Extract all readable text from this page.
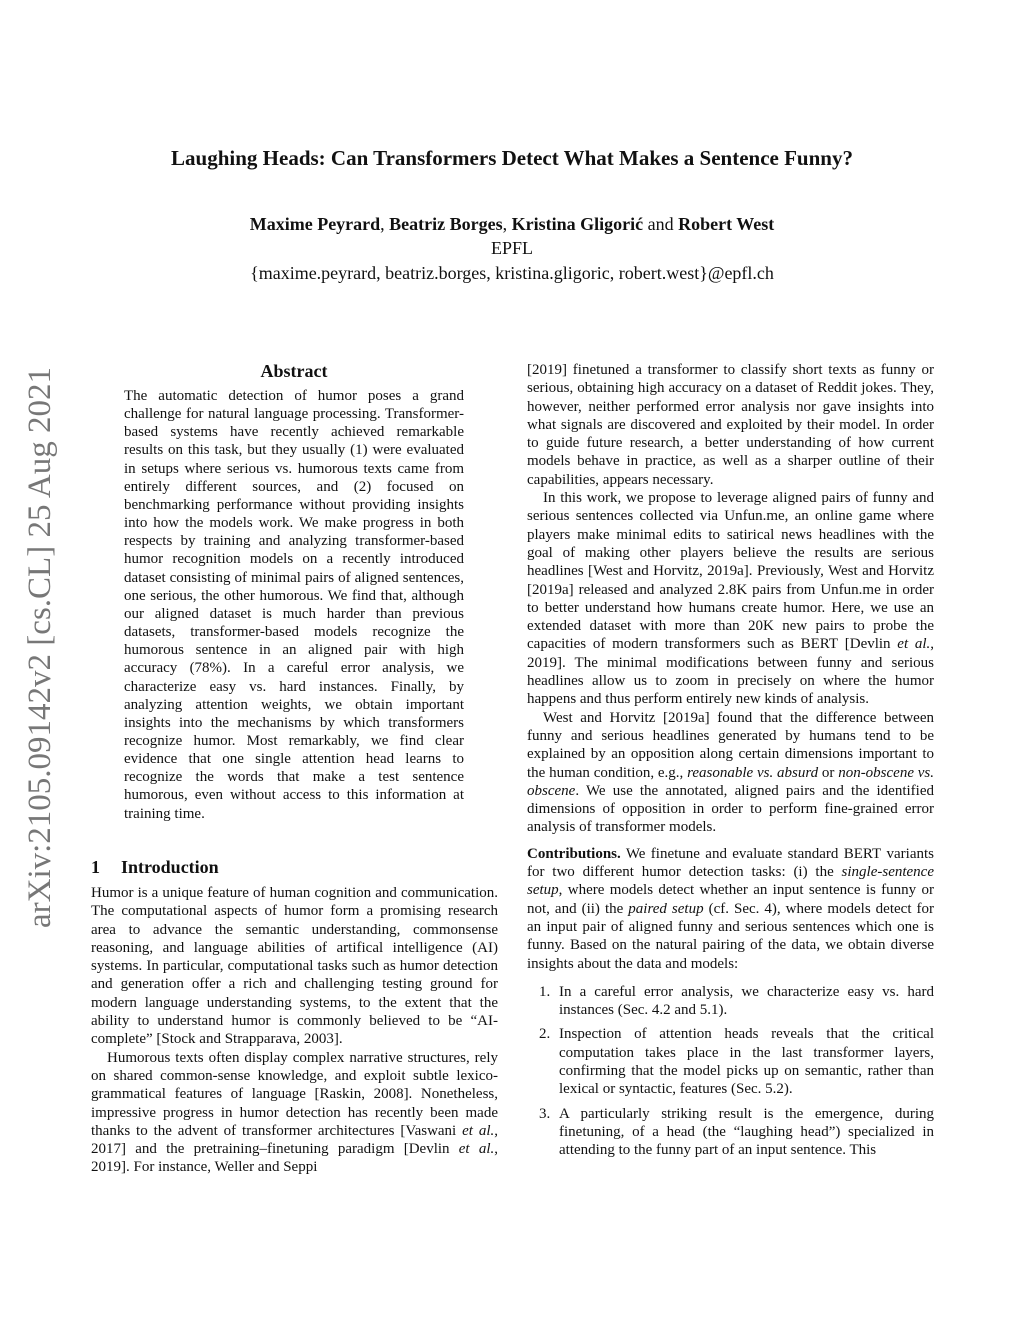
Laughing Heads: Can Transformers Detect What Makes a Sentence Funny?
Maxime Peyrard, Beatriz Borges, Kristina Gligorić and Robert West
EPFL
{maxime.peyrard, beatriz.borges, kristina.gligoric, robert.west}@epfl.ch
arXiv:2105.09142v2 [cs.CL] 25 Aug 2021	Abstract
The automatic detection of humor poses a grand challenge for natural language processing. Transformer-based systems have recently achieved remarkable results on this task, but they usually (1) were evaluated in setups where serious vs. humorous texts came from entirely different sources, and (2) focused on benchmarking performance without providing insights into how the models work. We make progress in both respects by training and analyzing transformer-based humor recognition models on a recently introduced dataset consisting of minimal pairs of aligned sentences, one serious, the other humorous. We find that, although our aligned dataset is much harder than previous datasets, transformer-based models recognize the humorous sentence in an aligned pair with high accuracy (78%). In a careful error analysis, we characterize easy vs. hard instances. Finally, by analyzing attention weights, we obtain important insights into the mechanisms by which transformers recognize humor. Most remarkably, we find clear evidence that one single attention head learns to recognize the words that make a test sentence humorous, even without access to this information at training time.
1 Introduction

Humor is a unique feature of human cognition and communication. The computational aspects of humor form a promising research area to advance the semantic understanding, commonsense reasoning, and language abilities of artifical intelligence (AI) systems. In particular, computational tasks such as humor detection and generation offer a rich and challenging testing ground for modern language understanding systems, to the extent that the ability to understand humor is commonly believed to be “AI-complete” [Stock and Strapparava, 2003].

Humorous texts often display complex narrative structures, rely on shared common-sense knowledge, and exploit subtle lexico-grammatical features of language [Raskin, 2008]. Nonetheless, impressive progress in humor detection has recently been made thanks to the advent of transformer architectures [Vaswani et al., 2017] and the pretraining–finetuning paradigm [Devlin et al., 2019]. For instance, Weller and Seppi

[2019] finetuned a transformer to classify short texts as funny or serious, obtaining high accuracy on a dataset of Reddit jokes. They, however, neither performed error analysis nor gave insights into what signals are discovered and exploited by their model. In order to guide future research, a better understanding of how current models behave in practice, as well as a sharper outline of their capabilities, appears necessary.

In this work, we propose to leverage aligned pairs of funny and serious sentences collected via Unfun.me, an online game where players make minimal edits to satirical news headlines with the goal of making other players believe the results are serious headlines [West and Horvitz, 2019a]. Previously, West and Horvitz [2019a] released and analyzed 2.8K pairs from Unfun.me in order to better understand how humans create humor. Here, we use an extended dataset with more than 20K new pairs to probe the capacities of modern transformers such as BERT [Devlin et al., 2019]. The minimal modifications between funny and serious headlines allow us to zoom in precisely on where the humor happens and thus perform entirely new kinds of analysis.

West and Horvitz [2019a] found that the difference between funny and serious headlines generated by humans tend to be explained by an opposition along certain dimensions important to the human condition, e.g., reasonable vs. absurd or non-obscene vs. obscene. We use the annotated, aligned pairs and the identified dimensions of opposition in order to perform fine-grained error analysis of transformer models.

Contributions. We finetune and evaluate standard BERT variants for two different humor detection tasks: (i) the single-sentence setup, where models detect whether an input sentence is funny or not, and (ii) the paired setup (cf. Sec. 4), where models detect for an input pair of aligned funny and serious sentences which one is funny. Based on the natural pairing of the data, we obtain diverse insights about the data and models:

1. In a careful error analysis, we characterize easy vs. hard instances (Sec. 4.2 and 5.1).
2. Inspection of attention heads reveals that the critical computation takes place in the last transformer layers, confirming that the model picks up on semantic, rather than lexical or syntactic, features (Sec. 5.2).
3. A particularly striking result is the emergence, during finetuning, of a head (the “laughing head”) specialized in attending to the funny part of an input sentence. This
